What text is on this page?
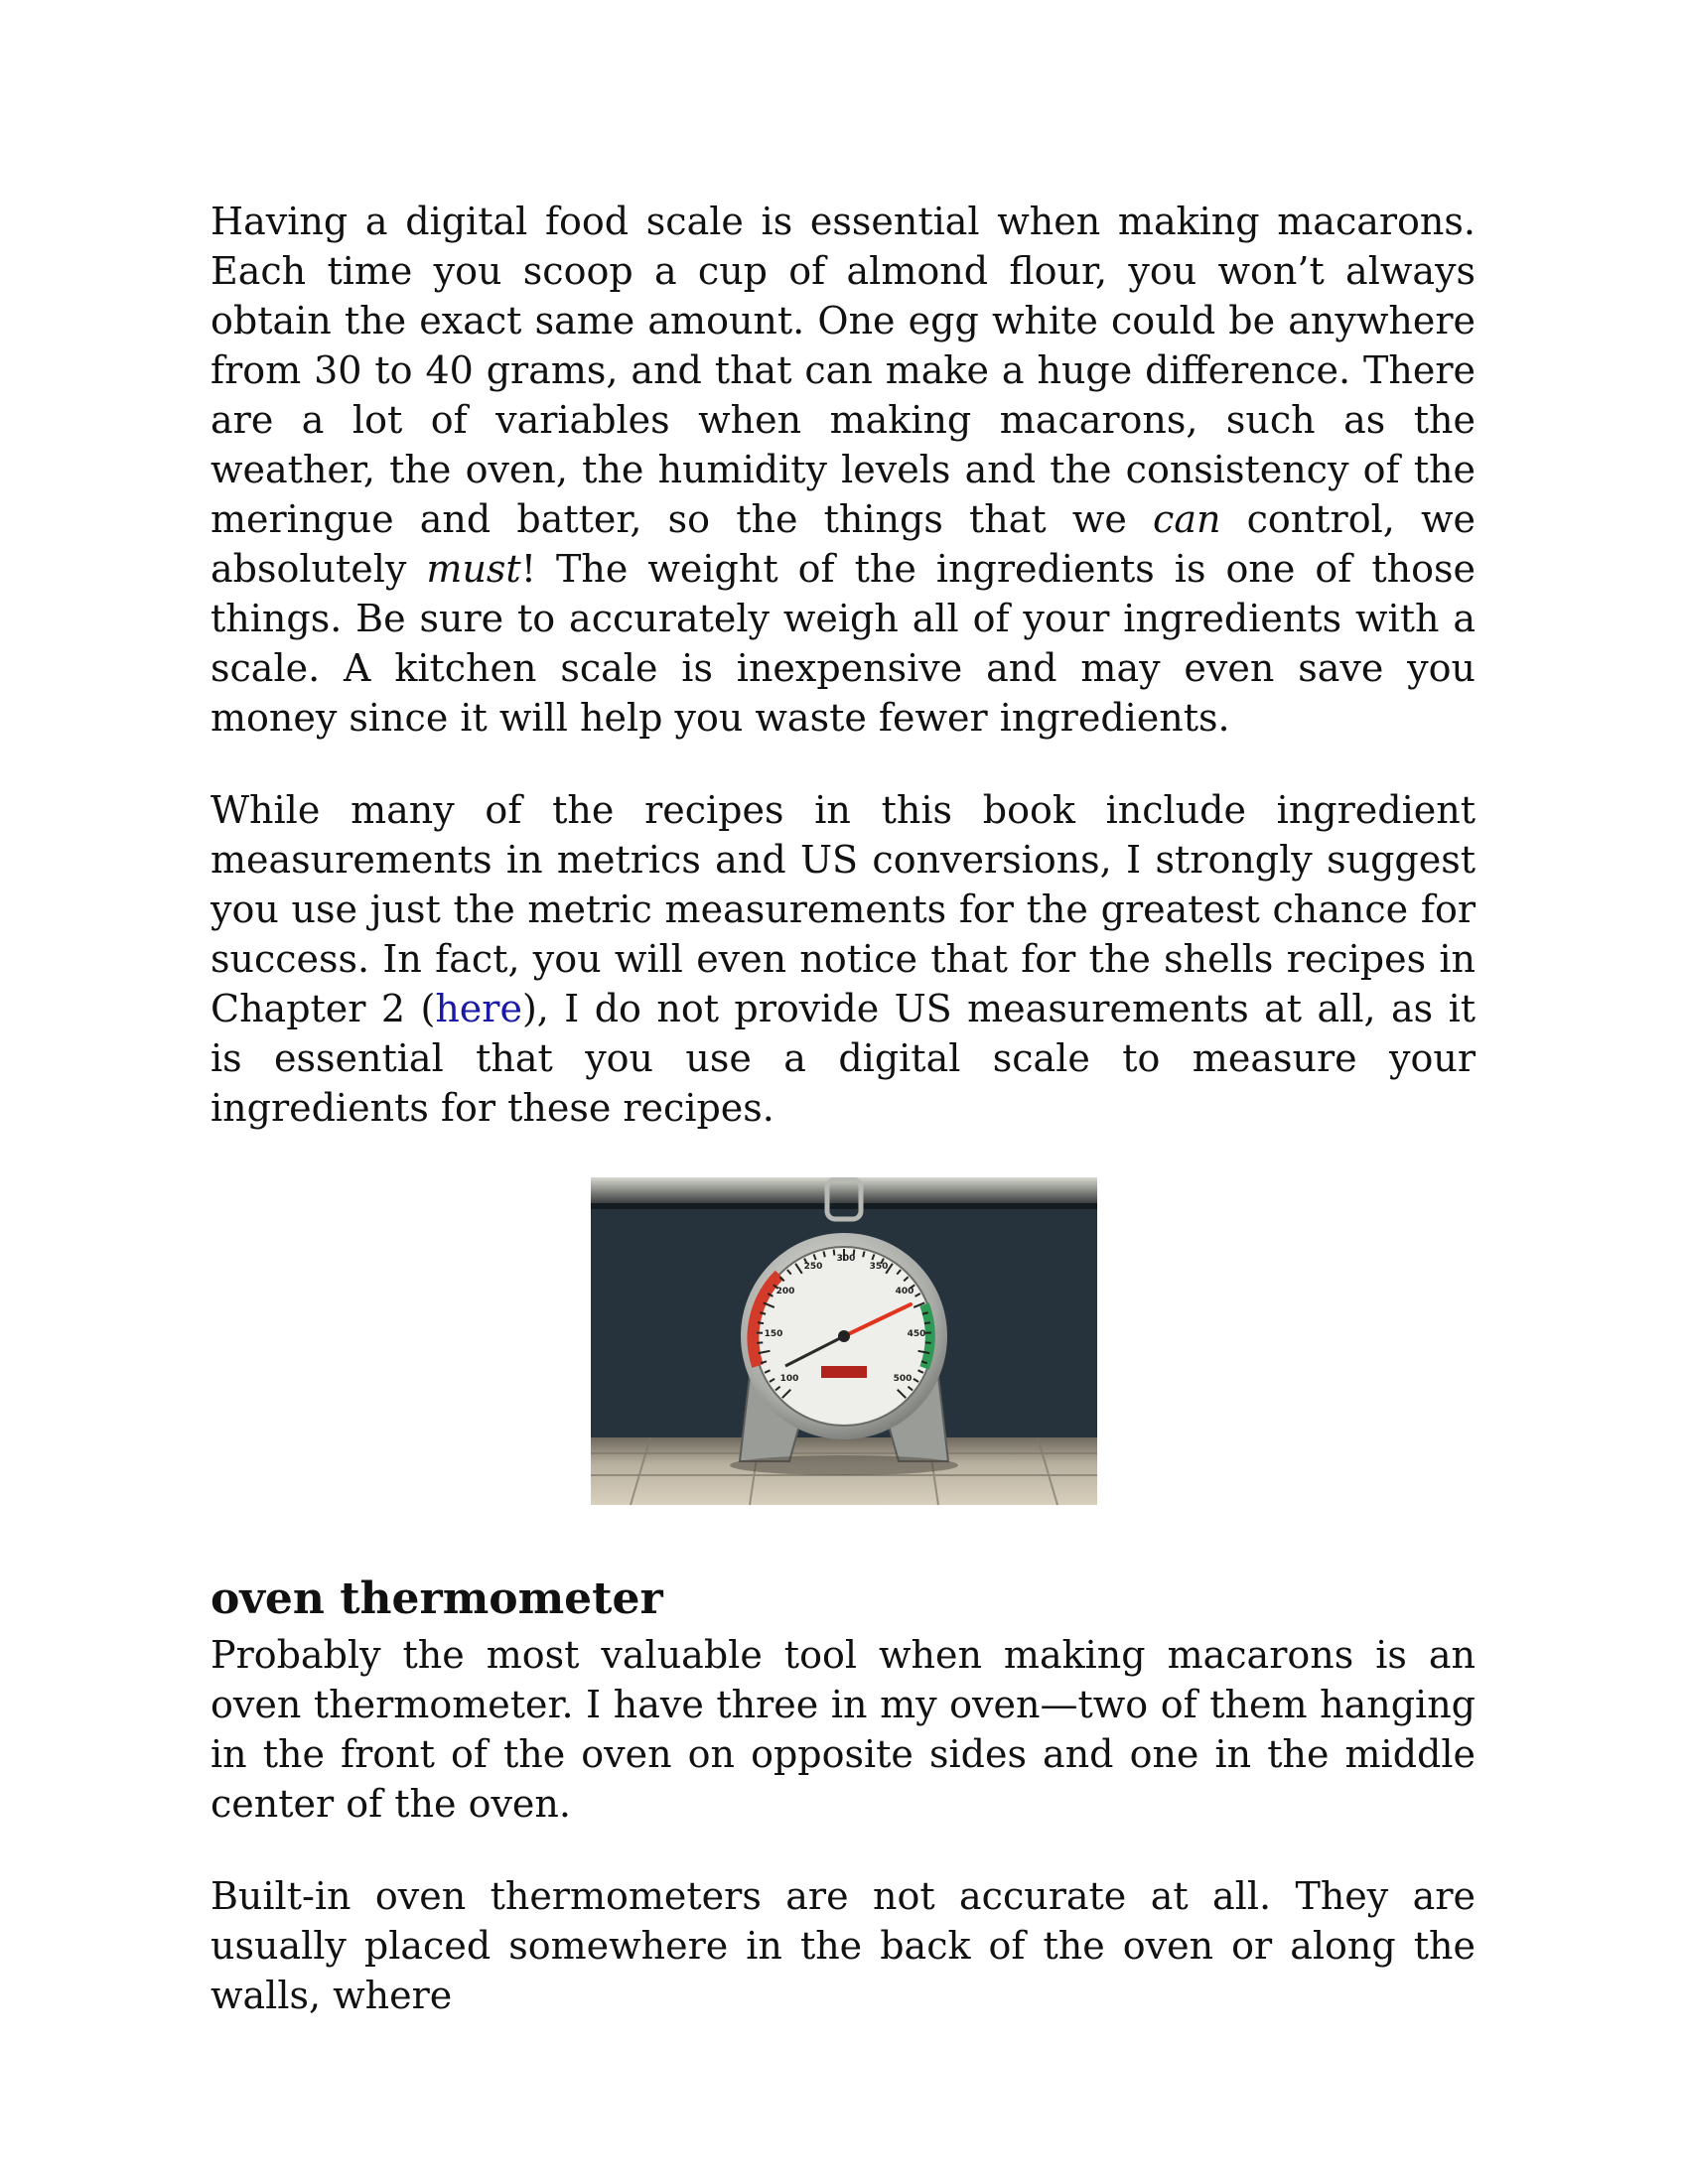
Having a digital food scale is essential when making macarons. Each time you scoop a cup of almond flour, you won’t always obtain the exact same amount. One egg white could be anywhere from 30 to 40 grams, and that can make a huge difference. There are a lot of variables when making macarons, such as the weather, the oven, the humidity levels and the consistency of the meringue and batter, so the things that we can control, we absolutely must! The weight of the ingredients is one of those things. Be sure to accurately weigh all of your ingredients with a scale. A kitchen scale is inexpensive and may even save you money since it will help you waste fewer ingredients.

While many of the recipes in this book include ingredient measurements in metrics and US conversions, I strongly suggest you use just the metric measurements for the greatest chance for success. In fact, you will even notice that for the shells recipes in Chapter 2 (here), I do not provide US measurements at all, as it is essential that you use a digital scale to measure your ingredients for these recipes.

100
150
200
250
300
350
400
450
500
oven thermometer

Probably the most valuable tool when making macarons is an oven thermometer. I have three in my oven—two of them hanging in the front of the oven on opposite sides and one in the middle center of the oven.

Built-in oven thermometers are not accurate at all. They are usually placed somewhere in the back of the oven or along the walls, where
